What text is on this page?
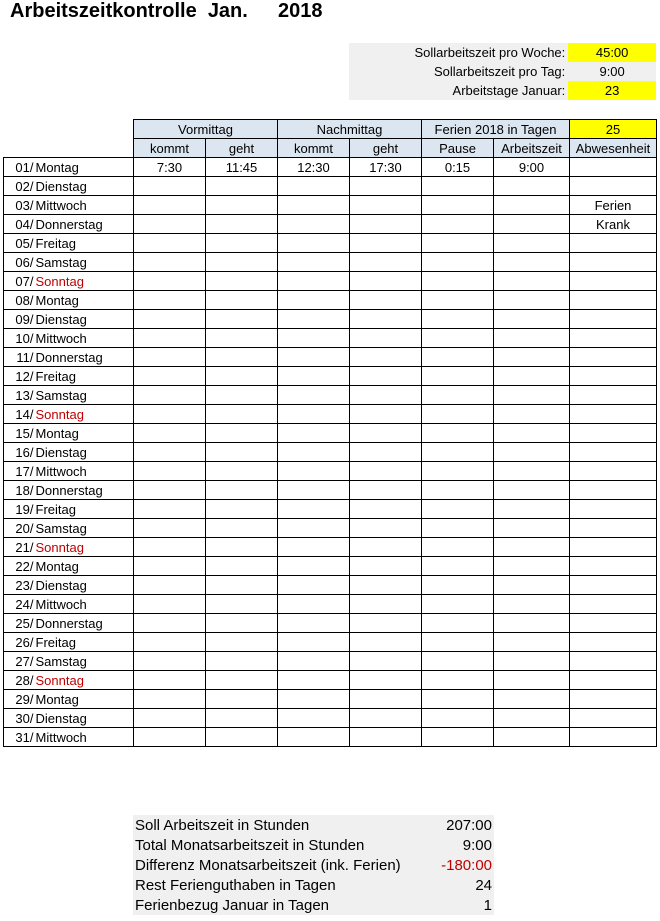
Arbeitszeitkontrolle  Jan. 2018
Sollarbeitszeit pro Woche:	45:00
Sollarbeitszeit pro Tag:	9:00
Arbeitstage Januar:	23
		Vormittag		Nachmittag		Ferien 2018 in Tagen		25
		kommt	geht	kommt	geht	Pause	Arbeitszeit	Abwesenheit
01/	Montag	7:30	11:45	12:30	17:30	0:15	9:00	
02/	Dienstag							
03/	Mittwoch							Ferien
04/	Donnerstag							Krank
05/	Freitag							
06/	Samstag							
07/	Sonntag							
08/	Montag							
09/	Dienstag							
10/	Mittwoch							
11/	Donnerstag							
12/	Freitag							
13/	Samstag							
14/	Sonntag							
15/	Montag							
16/	Dienstag							
17/	Mittwoch							
18/	Donnerstag							
19/	Freitag							
20/	Samstag							
21/	Sonntag							
22/	Montag							
23/	Dienstag							
24/	Mittwoch							
25/	Donnerstag							
26/	Freitag							
27/	Samstag							
28/	Sonntag							
29/	Montag							
30/	Dienstag							
31/	Mittwoch							
Soll Arbeitszeit in Stunden	207:00
Total Monatsarbeitszeit in Stunden	9:00
Differenz Monatsarbeitszeit (ink. Ferien)	-180:00
Rest Ferienguthaben in Tagen	24
Ferienbezug Januar in Tagen	1
